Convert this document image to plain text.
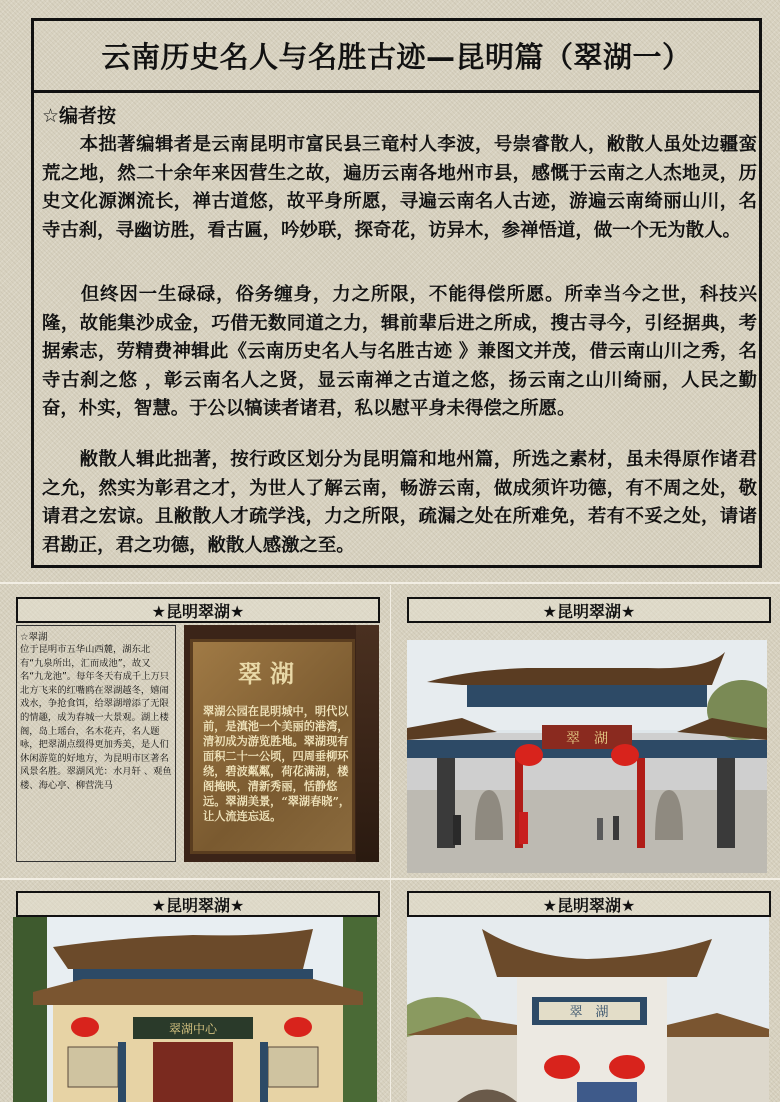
云南历史名人与名胜古迹—昆明篇（翠湖一）
☆编者按

　　本拙著编辑者是云南昆明市富民县三竜村人李波，号崇睿散人，敝散人虽处边疆蛮荒之地，然二十余年来因营生之故，遍历云南各地州市县，感慨于云南之人杰地灵，历史文化源渊流长，禅古道悠，故平身所愿，寻遍云南名人古迹，游遍云南绮丽山川，名寺古刹，寻幽访胜，看古匾，吟妙联，探奇花，访异木，参禅悟道，做一个无为散人。

　　但终因一生碌碌，俗务缠身，力之所限，不能得偿所愿。所幸当今之世，科技兴隆，故能集沙成金，巧借无数同道之力，辑前辈后进之所成，搜古寻今，引经据典，考据索志，劳精费神辑此《云南历史名人与名胜古迹 》兼图文并茂，借云南山川之秀，名寺古刹之悠 ，彰云南名人之贤，显云南禅之古道之悠，扬云南之山川绮丽，人民之勤奋，朴实，智慧。于公以犒读者诸君，私以慰平身未得偿之所愿。

　　敝散人辑此拙著，按行政区划分为昆明篇和地州篇，所选之素材，虽未得原作诸君之允，然实为彰君之才，为世人了解云南，畅游云南，做成须许功德，有不周之处，敬请君之宏谅。且敝散人才疏学浅，力之所限，疏漏之处在所难免，若有不妥之处，请诸君勘正，君之功德，敝散人感激之至。

★昆明翠湖★
☆翠湖

位于昆明市五华山西麓，湖东北有“九泉所出，汇而成池”，故又名“九龙池”。每年冬天有成千上万只北方飞来的红嘴鸥在翠湖越冬，嬉闹戏水，争抢食饵，给翠湖增添了无限的情趣，成为春城一大景观。湖上楼阁，岛上瑶台，名木花卉，名人题咏，把翠湖点缀得更加秀美，是人们休闲游览的好地方，为昆明市区著名风景名胜。翠湖风光：水月轩 、观鱼楼、海心亭、柳营洗马

翠湖

翠湖公园在昆明城中，明代以前，是滇池一个美丽的港湾，清初成为游览胜地。翠湖现有面积二十一公顷，四周垂柳环绕，碧波粼粼，荷花满湖，楼阁掩映，清新秀丽，恬静悠远。翠湖美景，“翠湖春晓”，让人流连忘返。

★昆明翠湖★
翠　湖
★昆明翠湖★
翠湖中心
★昆明翠湖★
翠　湖
